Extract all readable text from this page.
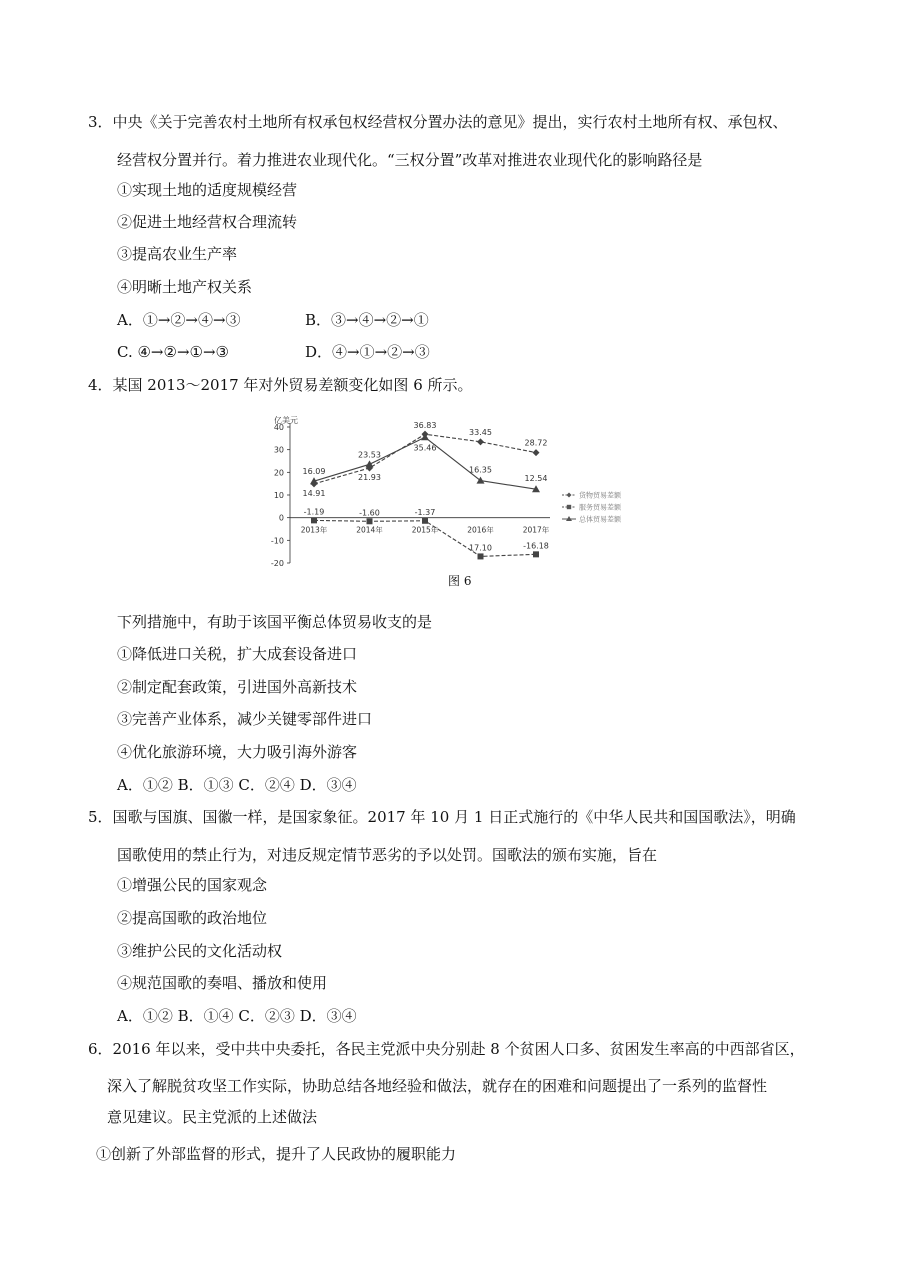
3．中央《关于完善农村土地所有权承包权经营权分置办法的意见》提出，实行农村土地所有权、承包权、
经营权分置并行。着力推进农业现代化。“三权分置”改革对推进农业现代化的影响路径是
①实现土地的适度规模经营
②促进土地经营权合理流转
③提高农业生产率
④明晰土地产权关系
A．①→②→④→③	B．③→④→②→①
C. ④→②→①→③	D．④→①→②→③
4．某国 2013～2017 年对外贸易差额变化如图 6 所示。
亿美元
40
30
20
10
0
-10
-20
2013年	2014年	2015年	2016年	2017年
14.91
21.93
36.83
33.45
28.72
-1.19	-1.60	-1.37
17.10	-16.18
16.09
23.53
35.46
16.35
12.54
货物贸易差额
服务贸易差额
总体贸易差额
图 6
下列措施中，有助于该国平衡总体贸易收支的是
①降低进口关税，扩大成套设备进口
②制定配套政策，引进国外高新技术
③完善产业体系，减少关键零部件进口
④优化旅游环境，大力吸引海外游客
A．①② B．①③ C．②④ D．③④
5．国歌与国旗、国徽一样，是国家象征。2017 年 10 月 1 日正式施行的《中华人民共和国国歌法》，明确
国歌使用的禁止行为，对违反规定情节恶劣的予以处罚。国歌法的颁布实施，旨在
①增强公民的国家观念
②提高国歌的政治地位
③维护公民的文化活动权
④规范国歌的奏唱、播放和使用
A．①② B．①④ C．②③ D．③④
6．2016 年以来，受中共中央委托，各民主党派中央分别赴 8 个贫困人口多、贫困发生率高的中西部省区，
深入了解脱贫攻坚工作实际，协助总结各地经验和做法，就存在的困难和问题提出了一系列的监督性
意见建议。民主党派的上述做法
①创新了外部监督的形式，提升了人民政协的履职能力
